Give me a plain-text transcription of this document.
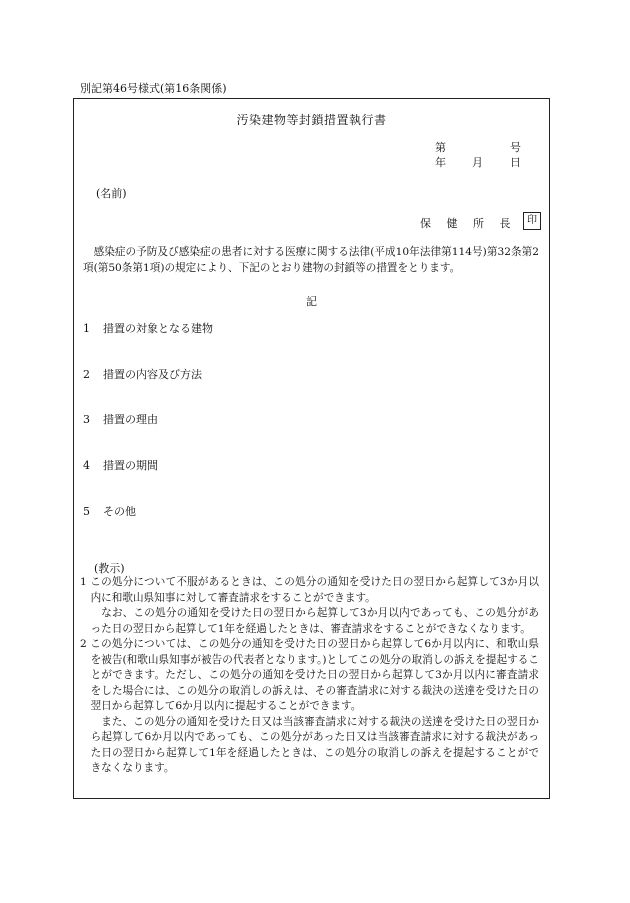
別記第46号様式(第16条関係)
汚染建物等封鎖措置執行書
第	号
年 月 日
(名前)
保 健 所 長	印
感染症の予防及び感染症の患者に対する医療に関する法律(平成10年法律第114号)第32条第2項(第50条第1項)の規定により、下記のとおり建物の封鎖等の措置をとります。
記
1 措置の対象となる建物
2 措置の内容及び方法
3 措置の理由
4 措置の期間
5 その他
(教示)

1 この処分について不服があるときは、この処分の通知を受けた日の翌日から起算して3か月以内に和歌山県知事に対して審査請求をすることができます。

なお、この処分の通知を受けた日の翌日から起算して3か月以内であっても、この処分があった日の翌日から起算して1年を経過したときは、審査請求をすることができなくなります。

2 この処分については、この処分の通知を受けた日の翌日から起算して6か月以内に、和歌山県を被告(和歌山県知事が被告の代表者となります。)としてこの処分の取消しの訴えを提起することができます。ただし、この処分の通知を受けた日の翌日から起算して3か月以内に審査請求をした場合には、この処分の取消しの訴えは、その審査請求に対する裁決の送達を受けた日の翌日から起算して6か月以内に提起することができます。

また、この処分の通知を受けた日又は当該審査請求に対する裁決の送達を受けた日の翌日から起算して6か月以内であっても、この処分があった日又は当該審査請求に対する裁決があった日の翌日から起算して1年を経過したときは、この処分の取消しの訴えを提起することができなくなります。
